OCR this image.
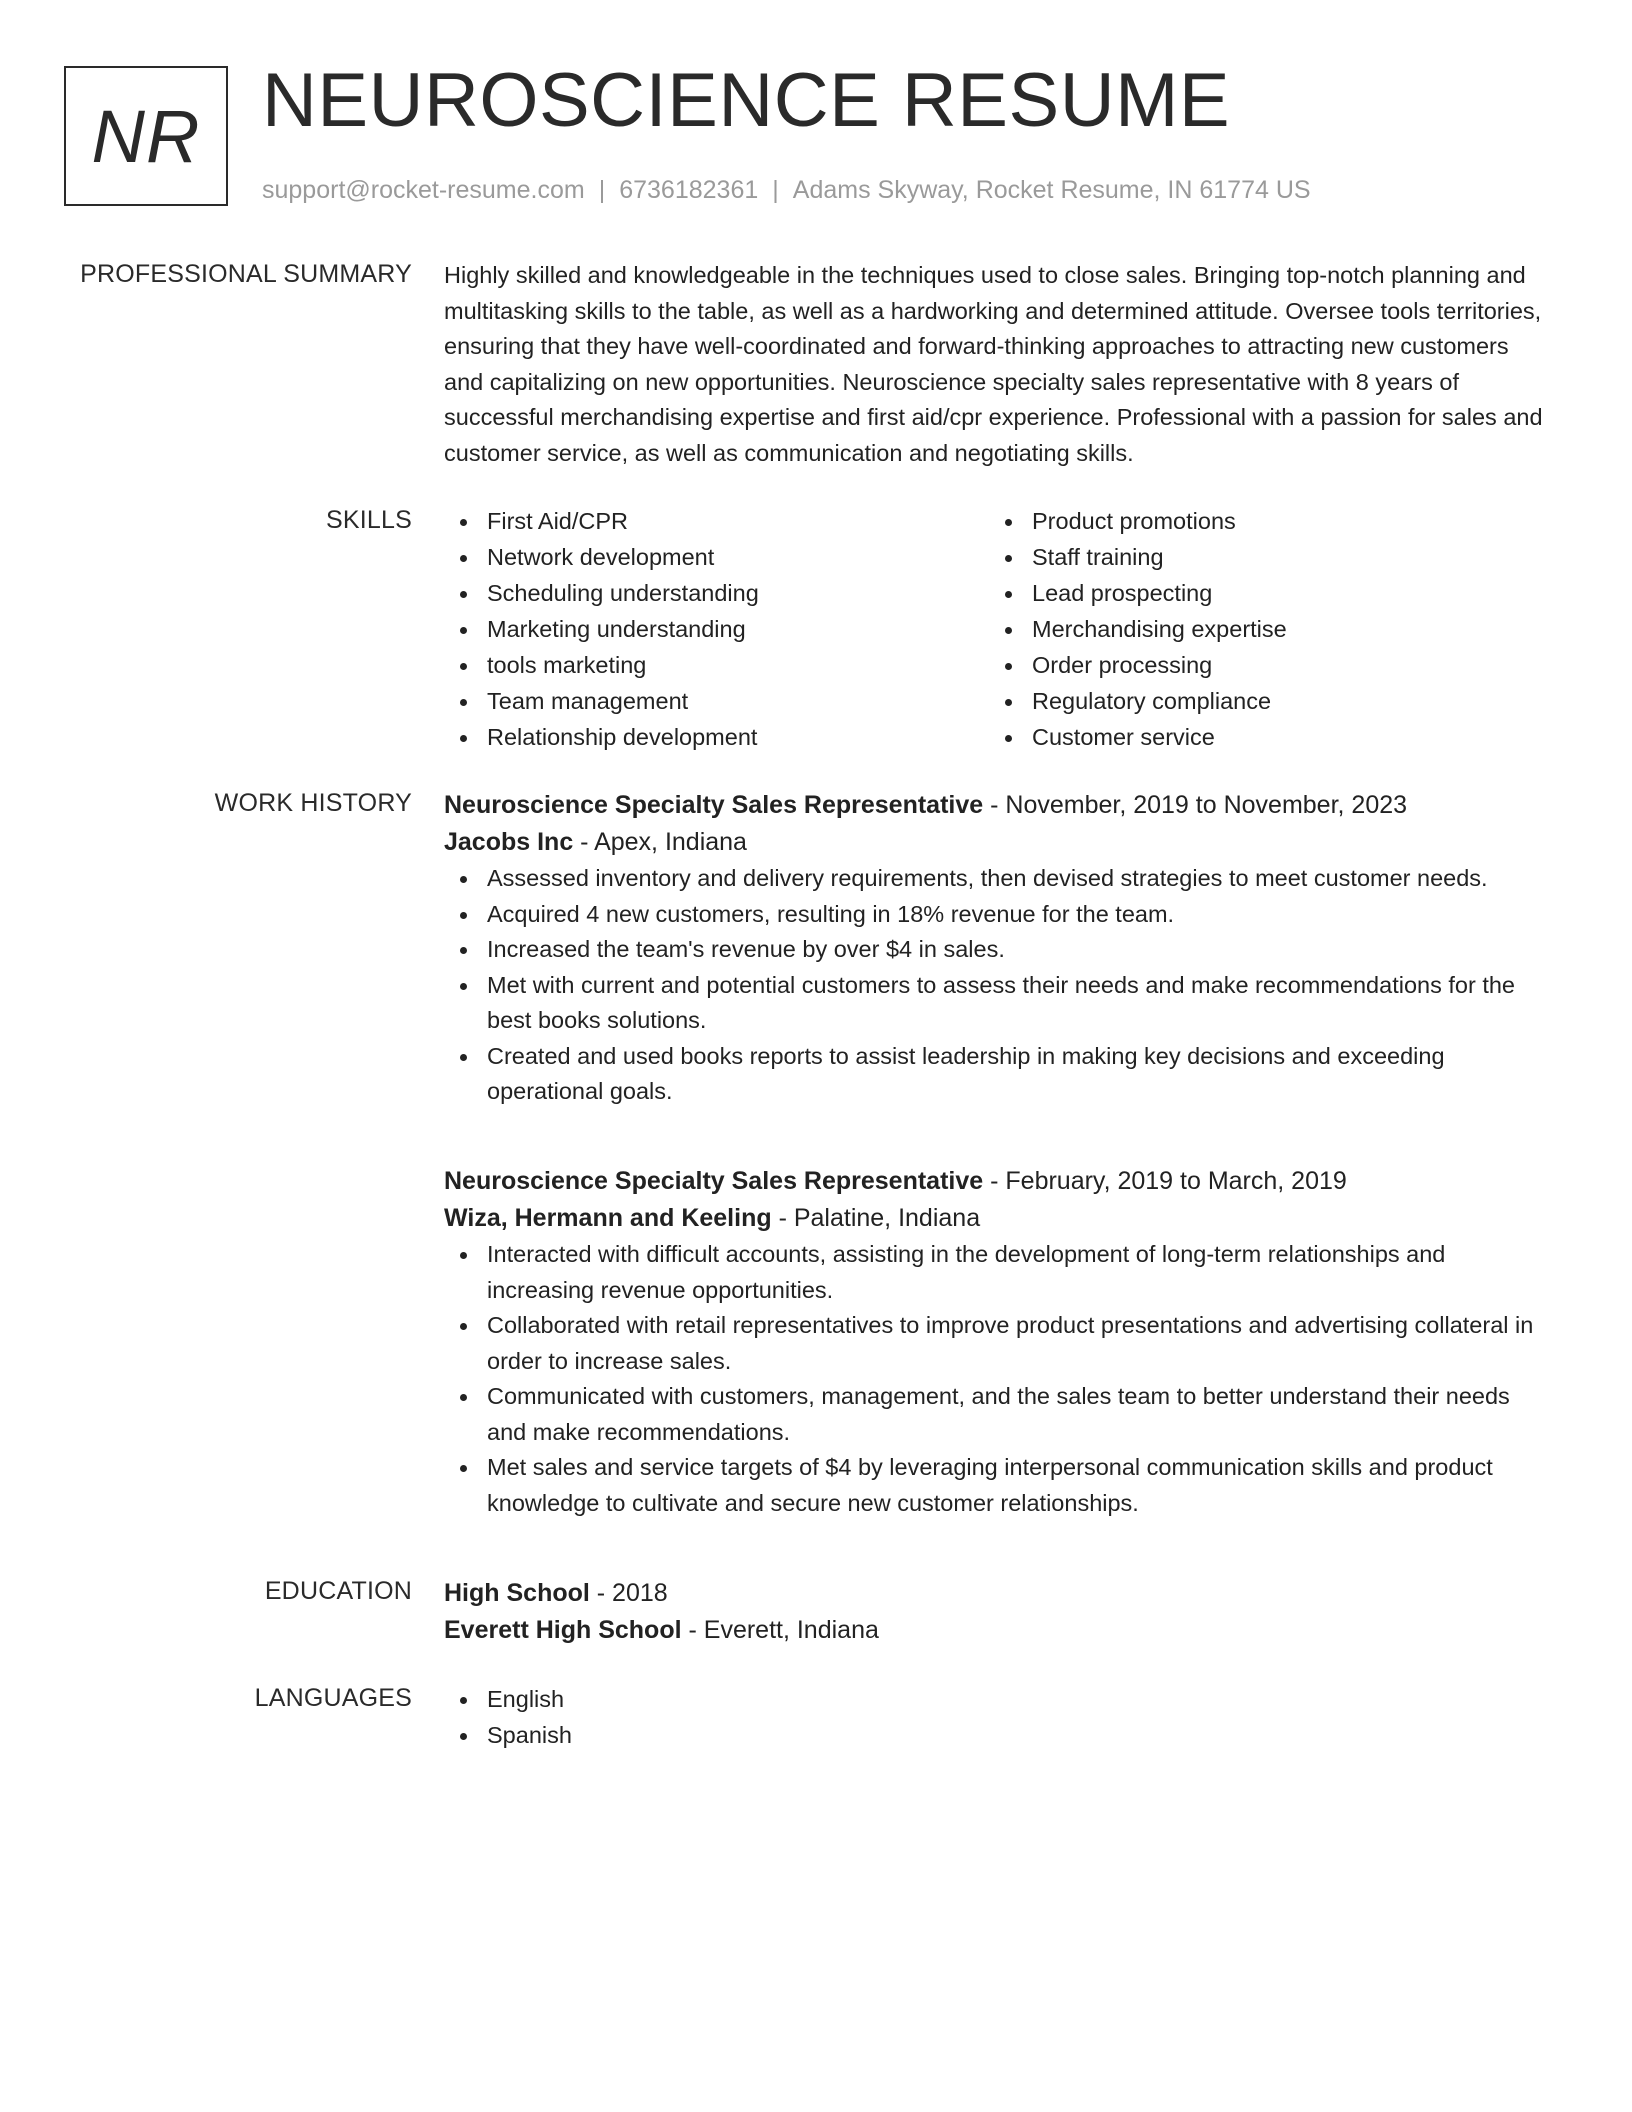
NR NEUROSCIENCE RESUME
support@rocket-resume.com | 6736182361 | Adams Skyway, Rocket Resume, IN 61774 US
PROFESSIONAL SUMMARY Highly skilled and knowledgeable in the techniques used to close sales. Bringing top-notch planning and multitasking skills to the table, as well as a hardworking and determined attitude. Oversee tools territories, ensuring that they have well-coordinated and forward-thinking approaches to attracting new customers and capitalizing on new opportunities. Neuroscience specialty sales representative with 8 years of successful merchandising expertise and first aid/cpr experience. Professional with a passion for sales and customer service, as well as communication and negotiating skills.

SKILLS	First Aid/CPR
Network development
Scheduling understanding
Marketing understanding
tools marketing
Team management
Relationship development
Product promotions
Staff training
Lead prospecting
Merchandising expertise
Order processing
Regulatory compliance
Customer service
WORK HISTORY Neuroscience Specialty Sales Representative - November, 2019 to November, 2023
Jacobs Inc - Apex, Indiana
Assessed inventory and delivery requirements, then devised strategies to meet customer needs.
Acquired 4 new customers, resulting in 18% revenue for the team.
Increased the team's revenue by over $4 in sales.
Met with current and potential customers to assess their needs and make recommendations for the best books solutions.
Created and used books reports to assist leadership in making key decisions and exceeding operational goals.
Neuroscience Specialty Sales Representative - February, 2019 to March, 2019
Wiza, Hermann and Keeling - Palatine, Indiana
Interacted with difficult accounts, assisting in the development of long-term relationships and increasing revenue opportunities.
Collaborated with retail representatives to improve product presentations and advertising collateral in order to increase sales.
Communicated with customers, management, and the sales team to better understand their needs and make recommendations.
Met sales and service targets of $4 by leveraging interpersonal communication skills and product knowledge to cultivate and secure new customer relationships.
EDUCATION High School - 2018
Everett High School - Everett, Indiana
LANGUAGES	English
Spanish
